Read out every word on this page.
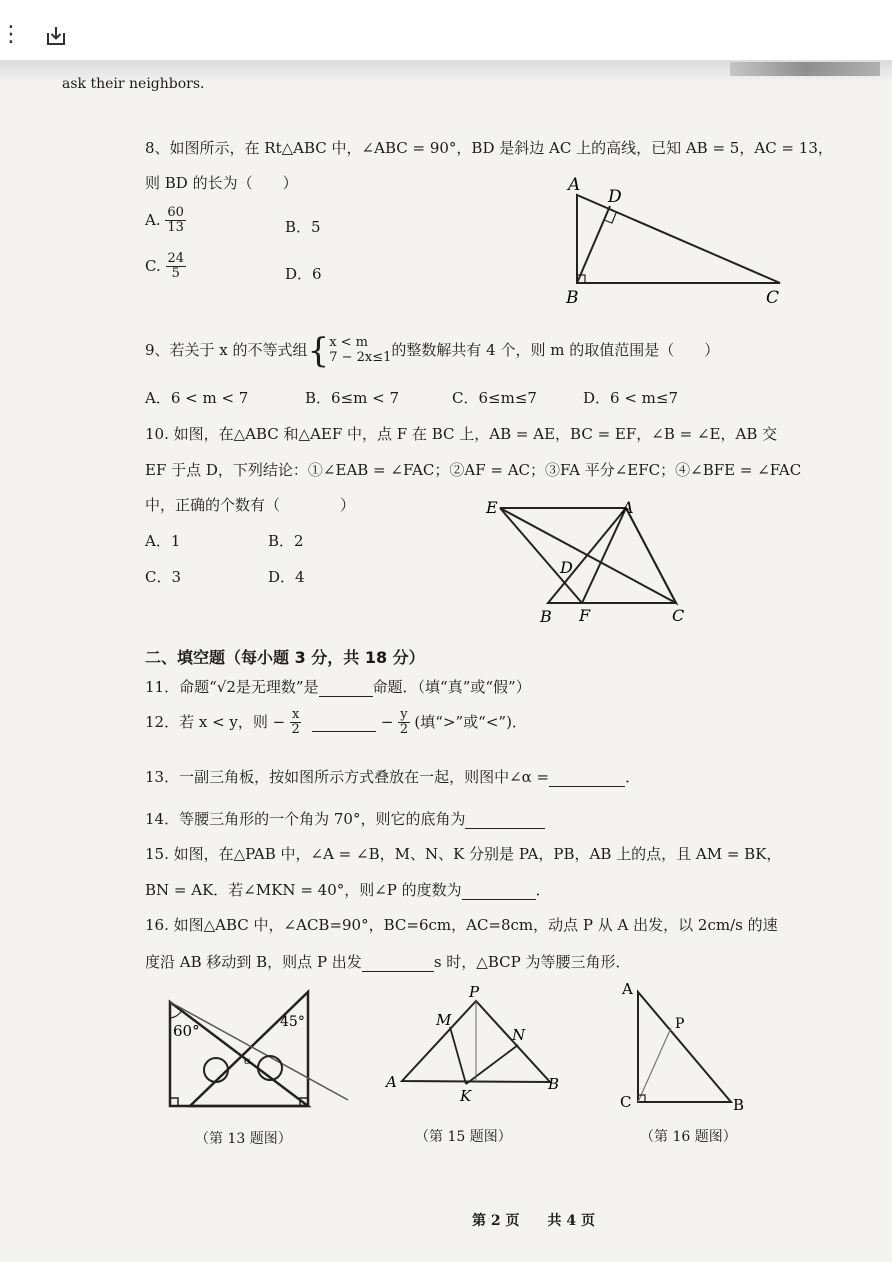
⋮
ask their neighbors.
8、如图所示，在 Rt△ABC 中，∠ABC = 90°，BD 是斜边 AC 上的高线，已知 AB = 5，AC = 13，
则 BD 的长为（　　）
A. $\frac{60}{13}$	B．5
C. $\frac{24}{5}$	D．6
A
D
B	C
9、若关于 x 的不等式组{ x < m
7 − 2x≤1 的整数解共有 4 个，则 m 的取值范围是（　　）
A．6 < m < 7	B．6≤m < 7	C．6≤m≤7	D．6 < m≤7
10. 如图，在△ABC 和△AEF 中，点 F 在 BC 上，AB = AE，BC = EF，∠B = ∠E，AB 交
EF 于点 D，下列结论：①∠EAB = ∠FAC；②AF = AC；③FA 平分∠EFC；④∠BFE = ∠FAC
中，正确的个数有（　　　　）
A．1	B．2
C．3	D．4
E	A
D
B F	C
二、填空题（每小题 3 分，共 18 分）
11．命题“√2是无理数”是	命题．（填“真”或“假”）
12．若 x < y，则 − $\frac{x}{2}$	− $\frac{y}{2}$ (填“>”或“<”)．
13．一副三角板，按如图所示方式叠放在一起，则图中∠α =	．
14．等腰三角形的一个角为 70°，则它的底角为
15. 如图，在△PAB 中，∠A = ∠B，M、N、K 分别是 PA，PB，AB 上的点，且 AM = BK，
BN = AK．若∠MKN = 40°，则∠P 的度数为	．
16. 如图△ABC 中，∠ACB=90°，BC=6cm，AC=8cm，动点 P 从 A 出发，以 2cm/s 的速
度沿 AB 移动到 B，则点 P 出发	s 时，△BCP 为等腰三角形．
60°	45°
α
（第 13 题图）
P
M
N
A
K
B
（第 15 题图）
A
P
C	B
（第 16 题图）
第 2 页　　共 4 页
